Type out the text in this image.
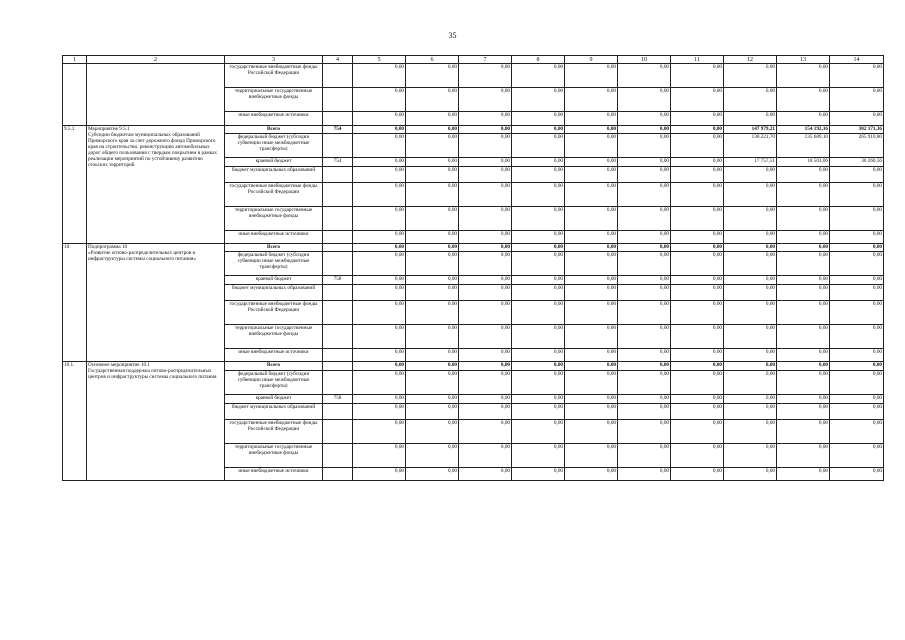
35
1	2	3	4	5	6	7	8	9	10	11	12	13	14
		государственные внебюджетные фонды Российской Федерации		0,00	0,00	0,00	0,00	0,00	0,00	0,00	0,00	0,00	0,00
		территориальные государственные внебюджетные фонды		0,00	0,00	0,00	0,00	0,00	0,00	0,00	0,00	0,00	0,00
		иные внебюджетные источники		0,00	0,00	0,00	0,00	0,00	0,00	0,00	0,00	0,00	0,00
9.5.1.	Мероприятие 9.5.1
Субсидии бюджетам муниципальных образований Приморского края за счет дорожного фонда Приморского края на строительство, реконструкцию автомобильных дорог общего пользования с твердым покрытием в рамках реализации мероприятий по устойчивому развитию сельских территорий	Всего	754	0,00	0,00	0,00	0,00	0,00	0,00	0,00	147 979,21	154 192,16	302 171,36
		федеральный бюджет (субсидии субвенции иные межбюджетные трансферты)		0,00	0,00	0,00	0,00	0,00	0,00	0,00	130 221,70	135 689,10	265 910,80
		краевой бюджет	754	0,00	0,00	0,00	0,00	0,00	0,00	0,00	17 757,51	18 503,06	36 260,56
		бюджет муниципальных образований		0,00	0,00	0,00	0,00	0,00	0,00	0,00	0,00	0,00	0,00
		государственные внебюджетные фонды Российской Федерации		0,00	0,00	0,00	0,00	0,00	0,00	0,00	0,00	0,00	0,00
		территориальные государственные внебюджетные фонды		0,00	0,00	0,00	0,00	0,00	0,00	0,00	0,00	0,00	0,00
		иные внебюджетные источники		0,00	0,00	0,00	0,00	0,00	0,00	0,00	0,00	0,00	0,00
10.	Подпрограмма 10
«Развитие оптово-распределительных центров и инфраструктуры системы социального питания»	Всего		0,00	0,00	0,00	0,00	0,00	0,00	0,00	0,00	0,00	0,00
		федеральный бюджет (субсидии субвенции иные межбюджетные трансферты)		0,00	0,00	0,00	0,00	0,00	0,00	0,00	0,00	0,00	0,00
		краевой бюджет	758	0,00	0,00	0,00	0,00	0,00	0,00	0,00	0,00	0,00	0,00
		бюджет муниципальных образований		0,00	0,00	0,00	0,00	0,00	0,00	0,00	0,00	0,00	0,00
		государственные внебюджетные фонды Российской Федерации		0,00	0,00	0,00	0,00	0,00	0,00	0,00	0,00	0,00	0,00
		территориальные государственные внебюджетные фонды		0,00	0,00	0,00	0,00	0,00	0,00	0,00	0,00	0,00	0,00
		иные внебюджетные источники		0,00	0,00	0,00	0,00	0,00	0,00	0,00	0,00	0,00	0,00
10.1.	Основное мероприятие 10.1
Государственная поддержка оптово-распределительных центров и инфраструктуры системы социального питания	Всего		0,00	0,00	0,00	0,00	0,00	0,00	0,00	0,00	0,00	0,00
		федеральный бюджет (субсидии субвенции иные межбюджетные трансферты)		0,00	0,00	0,00	0,00	0,00	0,00	0,00	0,00	0,00	0,00
		краевой бюджет	758	0,00	0,00	0,00	0,00	0,00	0,00	0,00	0,00	0,00	0,00
		бюджет муниципальных образований		0,00	0,00	0,00	0,00	0,00	0,00	0,00	0,00	0,00	0,00
		государственные внебюджетные фонды Российской Федерации		0,00	0,00	0,00	0,00	0,00	0,00	0,00	0,00	0,00	0,00
		территориальные государственные внебюджетные фонды		0,00	0,00	0,00	0,00	0,00	0,00	0,00	0,00	0,00	0,00
		иные внебюджетные источники		0,00	0,00	0,00	0,00	0,00	0,00	0,00	0,00	0,00	0,00
